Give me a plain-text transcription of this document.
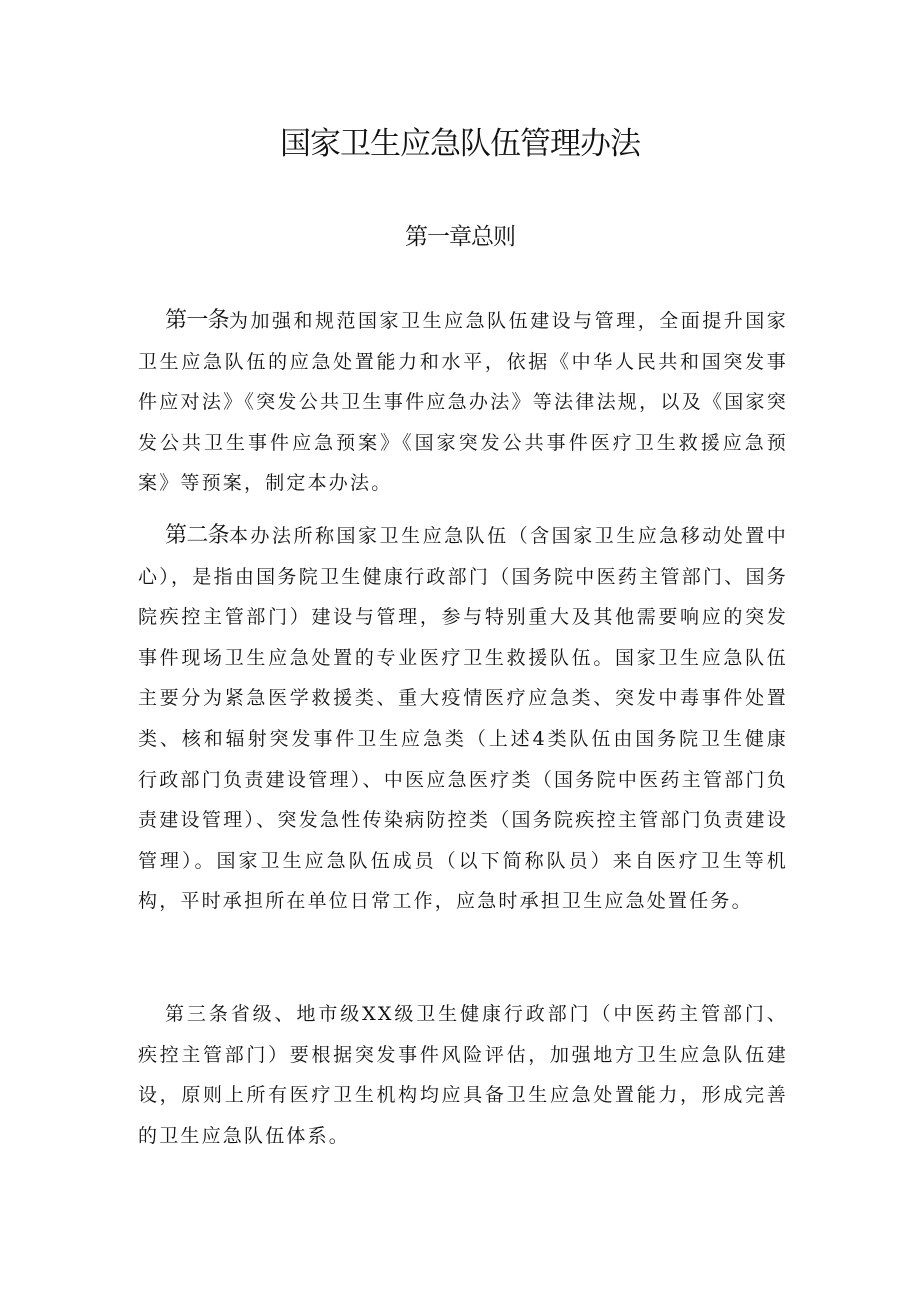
国家卫生应急队伍管理办法
第一章总则

第一条为加强和规范国家卫生应急队伍建设与管理，全面提升国家卫生应急队伍的应急处置能力和水平，依据《中华人民共和国突发事件应对法》《突发公共卫生事件应急办法》等法律法规，以及《国家突发公共卫生事件应急预案》《国家突发公共事件医疗卫生救援应急预案》等预案，制定本办法。

第二条本办法所称国家卫生应急队伍（含国家卫生应急移动处置中心），是指由国务院卫生健康行政部门（国务院中医药主管部门、国务院疾控主管部门）建设与管理，参与特别重大及其他需要响应的突发事件现场卫生应急处置的专业医疗卫生救援队伍。国家卫生应急队伍主要分为紧急医学救援类、重大疫情医疗应急类、突发中毒事件处置类、核和辐射突发事件卫生应急类（上述4类队伍由国务院卫生健康行政部门负责建设管理）、中医应急医疗类（国务院中医药主管部门负责建设管理）、突发急性传染病防控类（国务院疾控主管部门负责建设管理）。国家卫生应急队伍成员（以下简称队员）来自医疗卫生等机构，平时承担所在单位日常工作，应急时承担卫生应急处置任务。

第三条省级、地市级XX级卫生健康行政部门（中医药主管部门、疾控主管部门）要根据突发事件风险评估，加强地方卫生应急队伍建设，原则上所有医疗卫生机构均应具备卫生应急处置能力，形成完善的卫生应急队伍体系。
